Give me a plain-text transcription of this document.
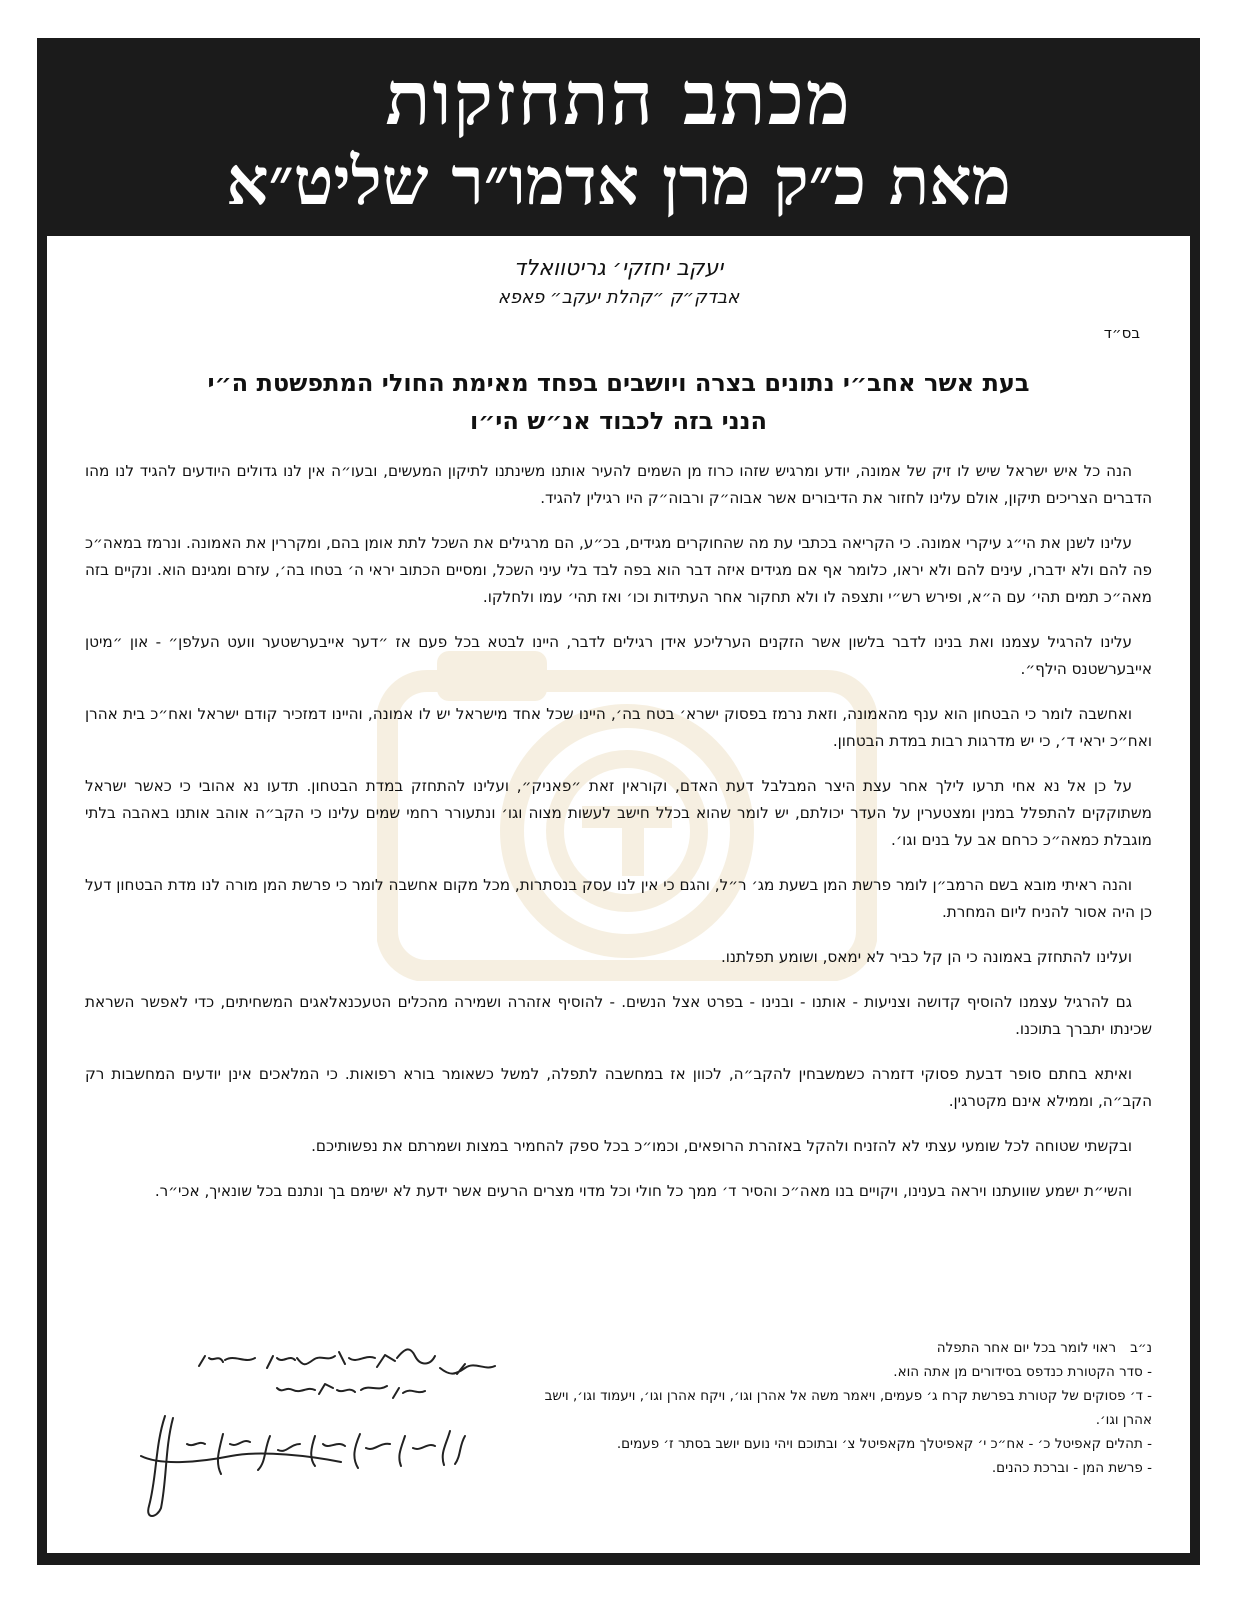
מכתב התחזקות
מאת כ״ק מרן אדמו״ר שליט״א
יעקב יחזקי׳ גריטוואלד
אבדק״ק ״קהלת יעקב״ פאפא
בס״ד
בעת אשר אחב״י נתונים בצרה ויושבים בפחד מאימת החולי המתפשטת ה״י
הנני בזה לכבוד אנ״ש הי״ו

הנה כל איש ישראל שיש לו זיק של אמונה, יודע ומרגיש שזהו כרוז מן השמים להעיר אותנו משינתנו לתיקון המעשים, ובעו״ה אין לנו גדולים היודעים להגיד לנו מהו הדברים הצריכים תיקון, אולם עלינו לחזור את הדיבורים אשר אבוה״ק ורבוה״ק היו רגילין להגיד.

עלינו לשנן את הי״ג עיקרי אמונה. כי הקריאה בכתבי עת מה שהחוקרים מגידים, בכ״ע, הם מרגילים את השכל לתת אומן בהם, ומקררין את האמונה. ונרמז במאה״כ פה להם ולא ידברו, עינים להם ולא יראו, כלומר אף אם מגידים איזה דבר הוא בפה לבד בלי עיני השכל, ומסיים הכתוב יראי ה׳ בטחו בה׳, עזרם ומגינם הוא. ונקיים בזה מאה״כ תמים תהי׳ עם ה״א, ופירש רש״י ותצפה לו ולא תחקור אחר העתידות וכו׳ ואז תהי׳ עמו ולחלקו.

עלינו להרגיל עצמנו ואת בנינו לדבר בלשון אשר הזקנים הערליכע אידן רגילים לדבר, היינו לבטא בכל פעם אז ״דער אייבערשטער וועט העלפן״ - און ״מיטן אייבערשטנס הילף״.

ואחשבה לומר כי הבטחון הוא ענף מהאמונה, וזאת נרמז בפסוק ישרא׳ בטח בה׳, היינו שכל אחד מישראל יש לו אמונה, והיינו דמזכיר קודם ישראל ואח״כ בית אהרן ואח״כ יראי ד׳, כי יש מדרגות רבות במדת הבטחון.

על כן אל נא אחי תרעו לילך אחר עצת היצר המבלבל דעת האדם, וקוראין זאת ״פאניק״, ועלינו להתחזק במדת הבטחון. תדעו נא אהובי כי כאשר ישראל משתוקקים להתפלל במנין ומצטערין על העדר יכולתם, יש לומר שהוא בכלל חישב לעשות מצוה וגו׳ ונתעורר רחמי שמים עלינו כי הקב״ה אוהב אותנו באהבה בלתי מוגבלת כמאה״כ כרחם אב על בנים וגו׳.

והנה ראיתי מובא בשם הרמב״ן לומר פרשת המן בשעת מג׳ ר״ל, והגם כי אין לנו עסק בנסתרות, מכל מקום אחשבה לומר כי פרשת המן מורה לנו מדת הבטחון דעל כן היה אסור להניח ליום המחרת.

ועלינו להתחזק באמונה כי הן קל כביר לא ימאס, ושומע תפלתנו.

גם להרגיל עצמנו להוסיף קדושה וצניעות - אותנו - ובנינו - בפרט אצל הנשים. - להוסיף אזהרה ושמירה מהכלים הטעכנאלאגים המשחיתים, כדי לאפשר השראת שכינתו יתברך בתוכנו.

ואיתא בחתם סופר דבעת פסוקי דזמרה כשמשבחין להקב״ה, לכוון אז במחשבה לתפלה, למשל כשאומר בורא רפואות. כי המלאכים אינן יודעים המחשבות רק הקב״ה, וממילא אינם מקטרגין.

ובקשתי שטוחה לכל שומעי עצתי לא להזניח ולהקל באזהרת הרופאים, וכמו״כ בכל ספק להחמיר במצות ושמרתם את נפשותיכם.

והשי״ת ישמע שוועתנו ויראה בענינו, ויקויים בנו מאה״כ והסיר ד׳ ממך כל חולי וכל מדוי מצרים הרעים אשר ידעת לא ישימם בך ונתנם בכל שונאיך, אכי״ר.

נ״ב
ראוי לומר בכל יום אחר התפלה
- סדר הקטורת כנדפס בסידורים מן אתה הוא.
- ד׳ פסוקים של קטורת בפרשת קרח ג׳ פעמים, ויאמר משה אל אהרן וגו׳, ויקח אהרן וגו׳, ויעמוד וגו׳, וישב אהרן וגו׳.
- תהלים קאפיטל כ׳ - אח״כ י׳ קאפיטלך מקאפיטל צ׳ ובתוכם ויהי נועם יושב בסתר ז׳ פעמים.
- פרשת המן - וברכת כהנים.
